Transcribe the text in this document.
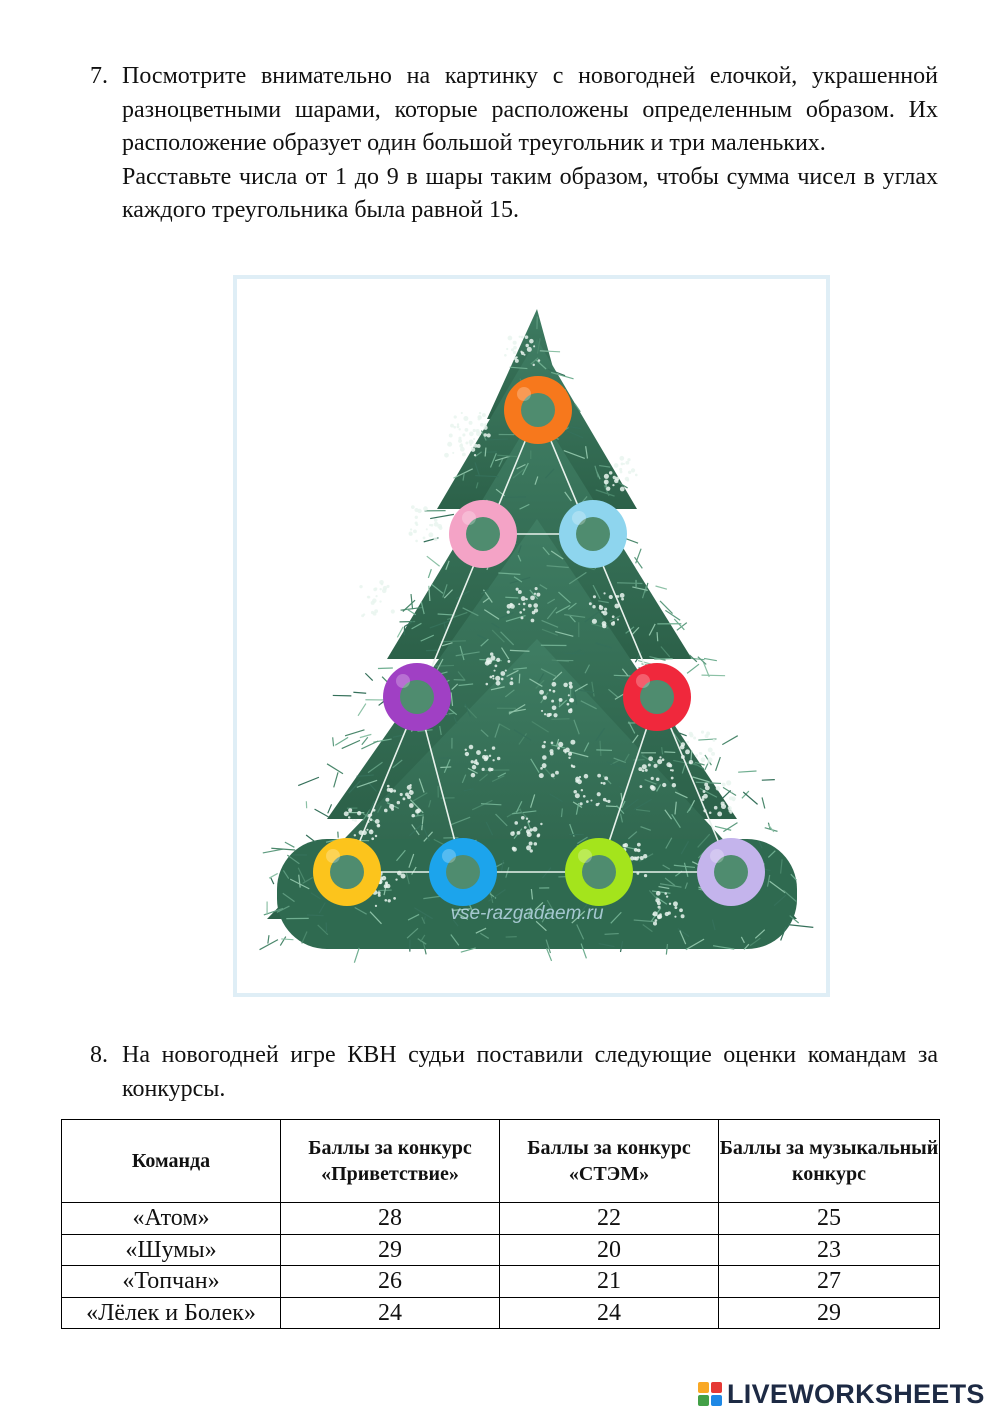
7. Посмотрите внимательно на картинку с новогодней елочкой, украшенной разноцветными шарами, которые расположены определенным образом. Их расположение образует один большой треугольник и три маленьких.

Расставьте числа от 1 до 9 в шары таким образом, чтобы сумма чисел в углах каждого треугольника была равной 15.

vse-razgadaem.ru
8. На новогодней игре КВН судьи поставили следующие оценки командам за конкурсы.

Команда	Баллы за конкурс «Приветствие»	Баллы за конкурс «СТЭМ»	Баллы за музыкальный конкурс
«Атом»	28	22	25
«Шумы»	29	20	23
«Топчан»	26	21	27
«Лёлек и Болек»	24	24	29
LIVEWORKSHEETS
